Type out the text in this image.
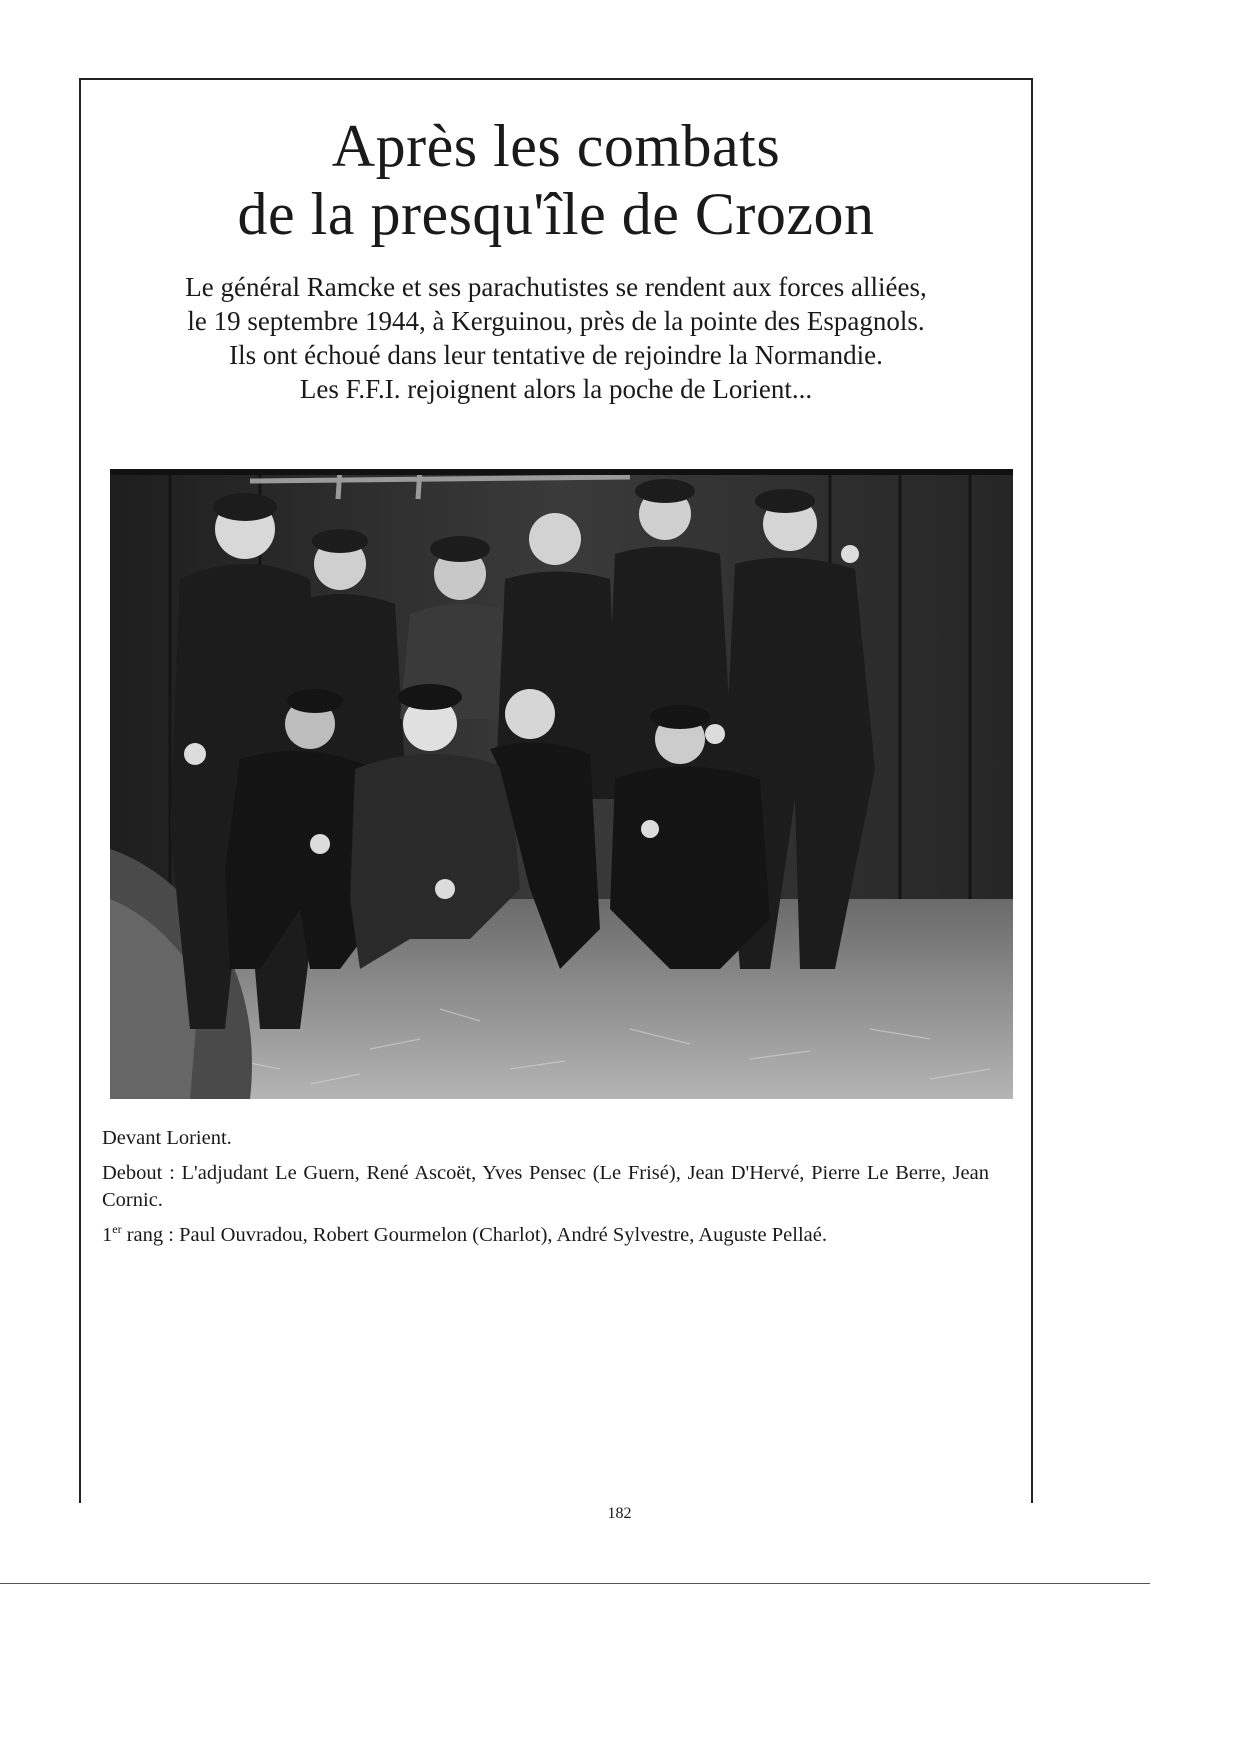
Après les combats
de la presqu'île de Crozon
Le général Ramcke et ses parachutistes se rendent aux forces alliées,
le 19 septembre 1944, à Kerguinou, près de la pointe des Espagnols.
Ils ont échoué dans leur tentative de rejoindre la Normandie.
Les F.F.I. rejoignent alors la poche de Lorient...

Devant Lorient.

Debout : L'adjudant Le Guern, René Ascoët, Yves Pensec (Le Frisé), Jean D'Hervé, Pierre Le Berre, Jean Cornic.

1er rang : Paul Ouvradou, Robert Gourmelon (Charlot), André Sylvestre, Auguste Pellaé.

182
